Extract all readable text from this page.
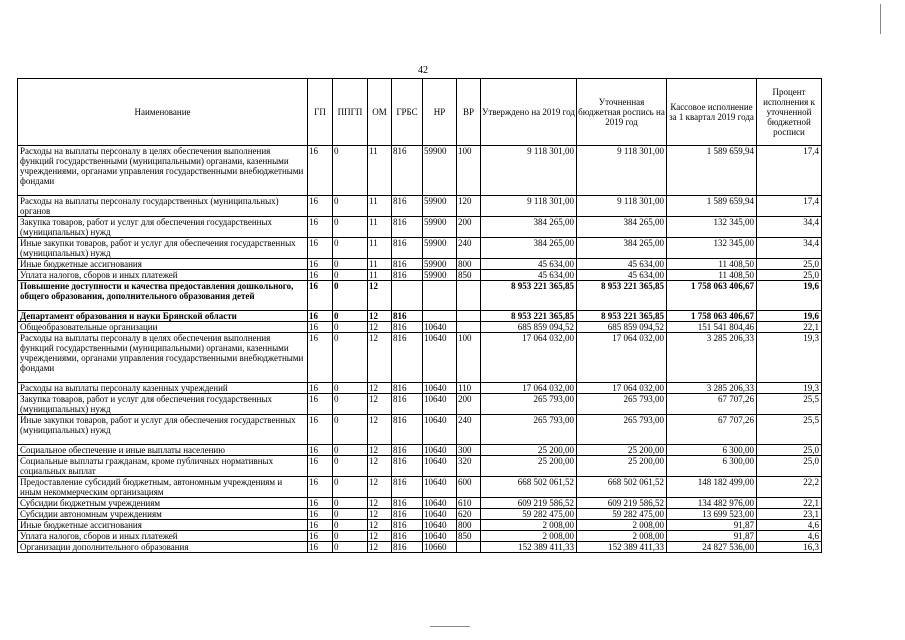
42
Наименование	ГП	ППГП	ОМ	ГРБС	НР	ВР	Утверждено на 2019 год	Уточненная бюджетная роспись на 2019 год	Кассовое исполнение за 1 квартал 2019 года	Процент исполнения к уточненной бюджетной росписи
Расходы на выплаты персоналу в целях обеспечения выполнения функций государственными (муниципальными) органами, казенными учреждениями, органами управления государственными внебюджетными фондами	16	0	11	816	59900	100	9 118 301,00	9 118 301,00	1 589 659,94	17,4
Расходы на выплаты персоналу государственных (муниципальных) органов	16	0	11	816	59900	120	9 118 301,00	9 118 301,00	1 589 659,94	17,4
Закупка товаров, работ и услуг для обеспечения государственных (муниципальных) нужд	16	0	11	816	59900	200	384 265,00	384 265,00	132 345,00	34,4
Иные закупки товаров, работ и услуг для обеспечения государственных (муниципальных) нужд	16	0	11	816	59900	240	384 265,00	384 265,00	132 345,00	34,4
Иные бюджетные ассигнования	16	0	11	816	59900	800	45 634,00	45 634,00	11 408,50	25,0
Уплата налогов, сборов и иных платежей	16	0	11	816	59900	850	45 634,00	45 634,00	11 408,50	25,0
Повышение доступности и качества предоставления дошкольного, общего образования, дополнительного образования детей	16	0	12				8 953 221 365,85	8 953 221 365,85	1 758 063 406,67	19,6
Департамент образования и науки Брянской области	16	0	12	816			8 953 221 365,85	8 953 221 365,85	1 758 063 406,67	19,6
Общеобразовательные организации	16	0	12	816	10640		685 859 094,52	685 859 094,52	151 541 804,46	22,1
Расходы на выплаты персоналу в целях обеспечения выполнения функций государственными (муниципальными) органами, казенными учреждениями, органами управления государственными внебюджетными фондами	16	0	12	816	10640	100	17 064 032,00	17 064 032,00	3 285 206,33	19,3
Расходы на выплаты персоналу казенных учреждений	16	0	12	816	10640	110	17 064 032,00	17 064 032,00	3 285 206,33	19,3
Закупка товаров, работ и услуг для обеспечения государственных (муниципальных) нужд	16	0	12	816	10640	200	265 793,00	265 793,00	67 707,26	25,5
Иные закупки товаров, работ и услуг для обеспечения государственных (муниципальных) нужд	16	0	12	816	10640	240	265 793,00	265 793,00	67 707,26	25,5
Социальное обеспечение и иные выплаты населению	16	0	12	816	10640	300	25 200,00	25 200,00	6 300,00	25,0
Социальные выплаты гражданам, кроме публичных нормативных социальных выплат	16	0	12	816	10640	320	25 200,00	25 200,00	6 300,00	25,0
Предоставление субсидий бюджетным, автономным учреждениям и иным некоммерческим организациям	16	0	12	816	10640	600	668 502 061,52	668 502 061,52	148 182 499,00	22,2
Субсидии бюджетным учреждениям	16	0	12	816	10640	610	609 219 586,52	609 219 586,52	134 482 976,00	22,1
Субсидии автономным учреждениям	16	0	12	816	10640	620	59 282 475,00	59 282 475,00	13 699 523,00	23,1
Иные бюджетные ассигнования	16	0	12	816	10640	800	2 008,00	2 008,00	91,87	4,6
Уплата налогов, сборов и иных платежей	16	0	12	816	10640	850	2 008,00	2 008,00	91,87	4,6
Организации дополнительного образования	16	0	12	816	10660		152 389 411,33	152 389 411,33	24 827 536,00	16,3
